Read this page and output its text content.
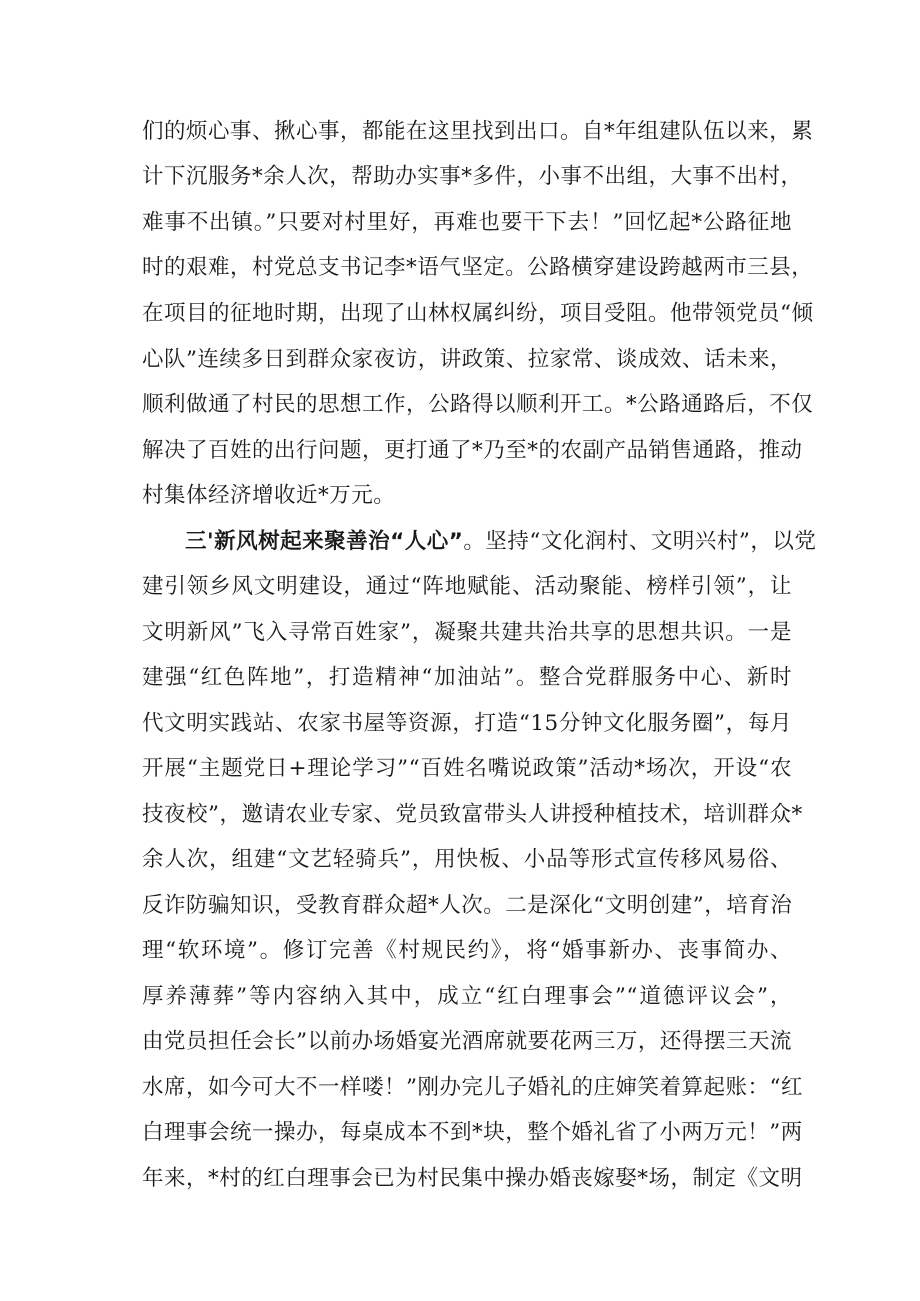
们的烦心事、揪心事，都能在这里找到出口。自*年组建队伍以来，累
计下沉服务*余人次，帮助办实事*多件，小事不出组，大事不出村，
难事不出镇。”只要对村里好，再难也要干下去！”回忆起*公路征地
时的艰难，村党总支书记李*语气坚定。公路横穿建设跨越两市三县，
在项目的征地时期，出现了山林权属纠纷，项目受阻。他带领党员“倾
心队”连续多日到群众家夜访，讲政策、拉家常、谈成效、话未来，
顺利做通了村民的思想工作，公路得以顺利开工。*公路通路后，不仅
解决了百姓的出行问题，更打通了*乃至*的农副产品销售通路，推动
村集体经济增收近*万元。
三'新风树起来聚善治“人心”。坚持“文化润村、文明兴村”，以党
建引领乡风文明建设，通过“阵地赋能、活动聚能、榜样引领”，让
文明新风”飞入寻常百姓家”，凝聚共建共治共享的思想共识。一是
建强“红色阵地”，打造精神“加油站”。整合党群服务中心、新时
代文明实践站、农家书屋等资源，打造“15分钟文化服务圈”，每月
开展“主题党日+理论学习”“百姓名嘴说政策”活动*场次，开设“农
技夜校”，邀请农业专家、党员致富带头人讲授种植技术，培训群众*
余人次，组建“文艺轻骑兵”，用快板、小品等形式宣传移风易俗、
反诈防骗知识，受教育群众超*人次。二是深化“文明创建”，培育治
理“软环境”。修订完善《村规民约》，将“婚事新办、丧事简办、
厚养薄葬”等内容纳入其中，成立“红白理事会”“道德评议会”，
由党员担任会长”以前办场婚宴光酒席就要花两三万，还得摆三天流
水席，如今可大不一样喽！”刚办完儿子婚礼的庄婶笑着算起账：“红
白理事会统一操办，每桌成本不到*块，整个婚礼省了小两万元！”两
年来，*村的红白理事会已为村民集中操办婚丧嫁娶*场，制定《文明
